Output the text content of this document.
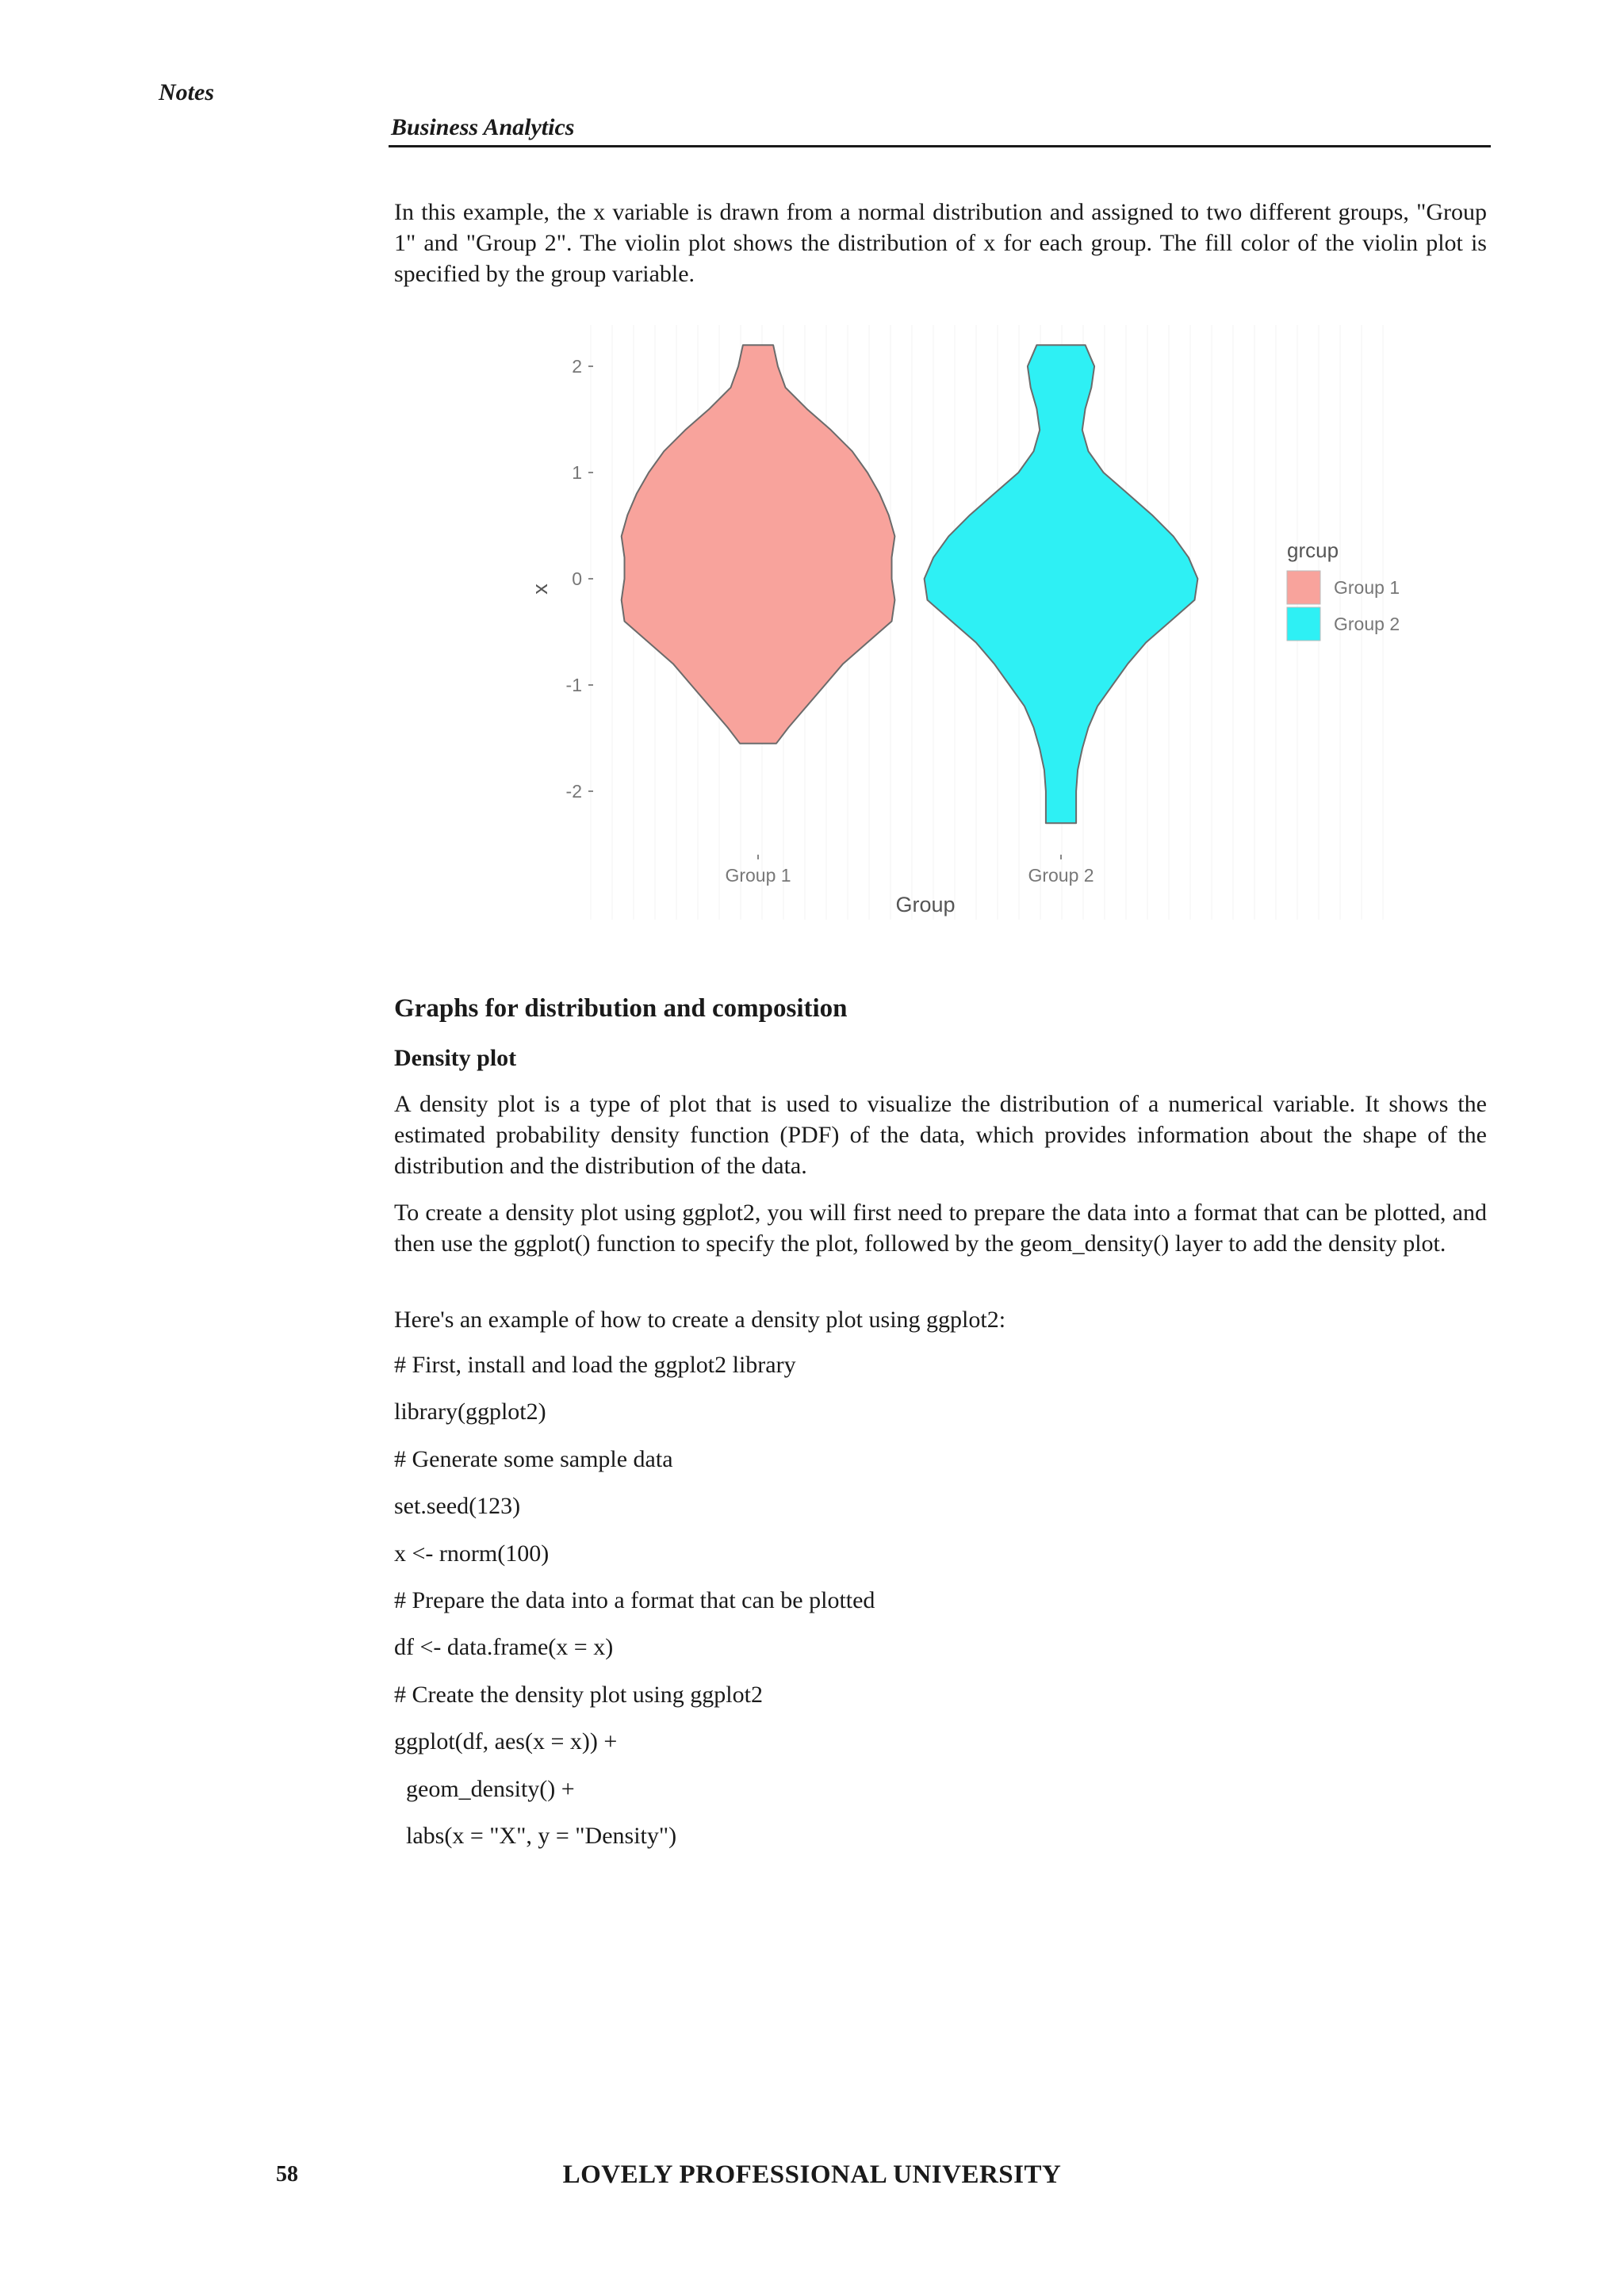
Notes
Business Analytics

In this example, the x variable is drawn from a normal distribution and assigned to two different groups, "Group 1" and "Group 2". The violin plot shows the distribution of x for each group. The fill color of the violin plot is specified by the group variable.

2
1
0
-1
-2
Group 1	Group 2
Group
x
grcup
Group 1
Group 2
Graphs for distribution and composition
Density plot

A density plot is a type of plot that is used to visualize the distribution of a numerical variable. It shows the estimated probability density function (PDF) of the data, which provides information about the shape of the distribution and the distribution of the data.

To create a density plot using ggplot2, you will first need to prepare the data into a format that can be plotted, and then use the ggplot() function to specify the plot, followed by the geom_density() layer to add the density plot.

Here's an example of how to create a density plot using ggplot2:

# First, install and load the ggplot2 library
library(ggplot2)
# Generate some sample data
set.seed(123)
x <- rnorm(100)
# Prepare the data into a format that can be plotted
df <- data.frame(x = x)
# Create the density plot using ggplot2
ggplot(df, aes(x = x)) +
geom_density() +
labs(x = "X", y = "Density")
58	LOVELY PROFESSIONAL UNIVERSITY
